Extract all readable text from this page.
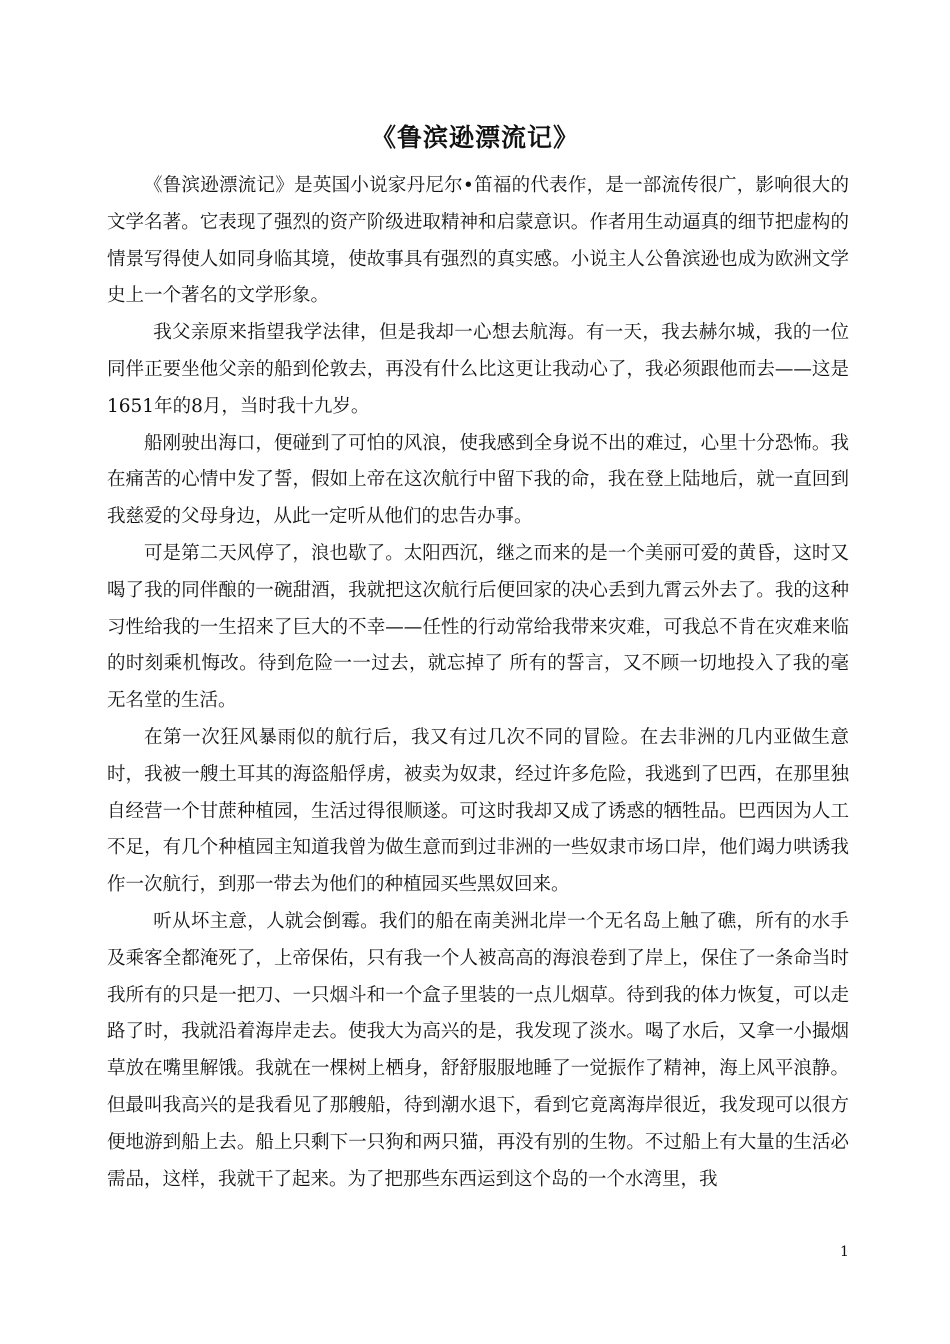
《鲁滨逊漂流记》

《鲁滨逊漂流记》是英国小说家丹尼尔•笛福的代表作，是一部流传很广，影响很大的文学名著。它表现了强烈的资产阶级进取精神和启蒙意识。作者用生动逼真的细节把虚构的情景写得使人如同身临其境，使故事具有强烈的真实感。小说主人公鲁滨逊也成为欧洲文学史上一个著名的文学形象。

我父亲原来指望我学法律，但是我却一心想去航海。有一天，我去赫尔城，我的一位同伴正要坐他父亲的船到伦敦去，再没有什么比这更让我动心了，我必须跟他而去——这是1651年的8月，当时我十九岁。

船刚驶出海口，便碰到了可怕的风浪，使我感到全身说不出的难过，心里十分恐怖。我在痛苦的心情中发了誓，假如上帝在这次航行中留下我的命，我在登上陆地后，就一直回到我慈爱的父母身边，从此一定听从他们的忠告办事。

可是第二天风停了，浪也歇了。太阳西沉，继之而来的是一个美丽可爱的黄昏，这时又喝了我的同伴酿的一碗甜酒，我就把这次航行后便回家的决心丢到九霄云外去了。我的这种习性给我的一生招来了巨大的不幸——任性的行动常给我带来灾难，可我总不肯在灾难来临的时刻乘机悔改。待到危险一一过去，就忘掉了 所有的誓言，又不顾一切地投入了我的毫无名堂的生活。

在第一次狂风暴雨似的航行后，我又有过几次不同的冒险。在去非洲的几内亚做生意时，我被一艘土耳其的海盗船俘虏，被卖为奴隶，经过许多危险，我逃到了巴西，在那里独自经营一个甘蔗种植园，生活过得很顺遂。可这时我却又成了诱惑的牺牲品。巴西因为人工不足，有几个种植园主知道我曾为做生意而到过非洲的一些奴隶市场口岸，他们竭力哄诱我作一次航行，到那一带去为他们的种植园买些黑奴回来。

听从坏主意，人就会倒霉。我们的船在南美洲北岸一个无名岛上触了礁，所有的水手及乘客全都淹死了，上帝保佑，只有我一个人被高高的海浪卷到了岸上，保住了一条命当时我所有的只是一把刀、一只烟斗和一个盒子里装的一点儿烟草。待到我的体力恢复，可以走路了时，我就沿着海岸走去。使我大为高兴的是，我发现了淡水。喝了水后，又拿一小撮烟草放在嘴里解饿。我就在一棵树上栖身，舒舒服服地睡了一觉振作了精神，海上风平浪静。但最叫我高兴的是我看见了那艘船，待到潮水退下，看到它竟离海岸很近，我发现可以很方便地游到船上去。船上只剩下一只狗和两只猫，再没有别的生物。不过船上有大量的生活必需品，这样，我就干了起来。为了把那些东西运到这个岛的一个水湾里，我

1
